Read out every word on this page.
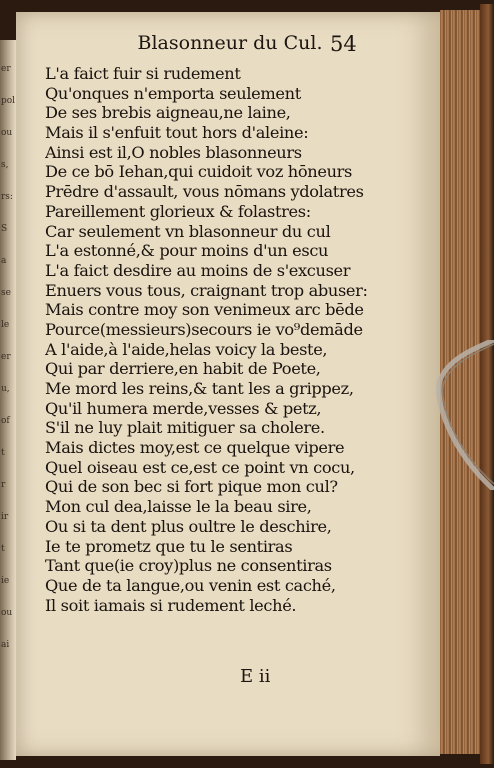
er
pol
ou
s,
rs:
S
a
se
le
er
u,
of
t
r
ir
t
ie
ou
ai
Blasonneur du Cul. 54
L'a faict fuir si rudement
Qu'onques n'emporta seulement
De ses brebis aigneau,ne laine,
Mais il s'enfuit tout hors d'aleine:
Ainsi est il,O nobles blasonneurs
De ce bō Iehan,qui cuidoit voz hōneurs
Prēdre d'assault, vous nōmans ydolatres
Pareillement glorieux & folastres:
Car seulement vn blasonneur du cul
L'a estonné,& pour moins d'un escu
L'a faict desdire au moins de s'excuser
Enuers vous tous, craignant trop abuser:
Mais contre moy son venimeux arc bēde
Pource(messieurs)secours ie vo⁹demāde
A l'aide,à l'aide,helas voicy la beste,
Qui par derriere,en habit de Poete,
Me mord les reins,& tant les a grippez,
Qu'il humera merde,vesses & petz,
S'il ne luy plait mitiguer sa cholere.
Mais dictes moy,est ce quelque vipere
Quel oiseau est ce,est ce point vn cocu,
Qui de son bec si fort pique mon cul?
Mon cul dea,laisse le la beau sire,
Ou si ta dent plus oultre le deschire,
Ie te prometz que tu le sentiras
Tant que(ie croy)plus ne consentiras
Que de ta langue,ou venin est caché,
Il soit iamais si rudement leché.
E ii
